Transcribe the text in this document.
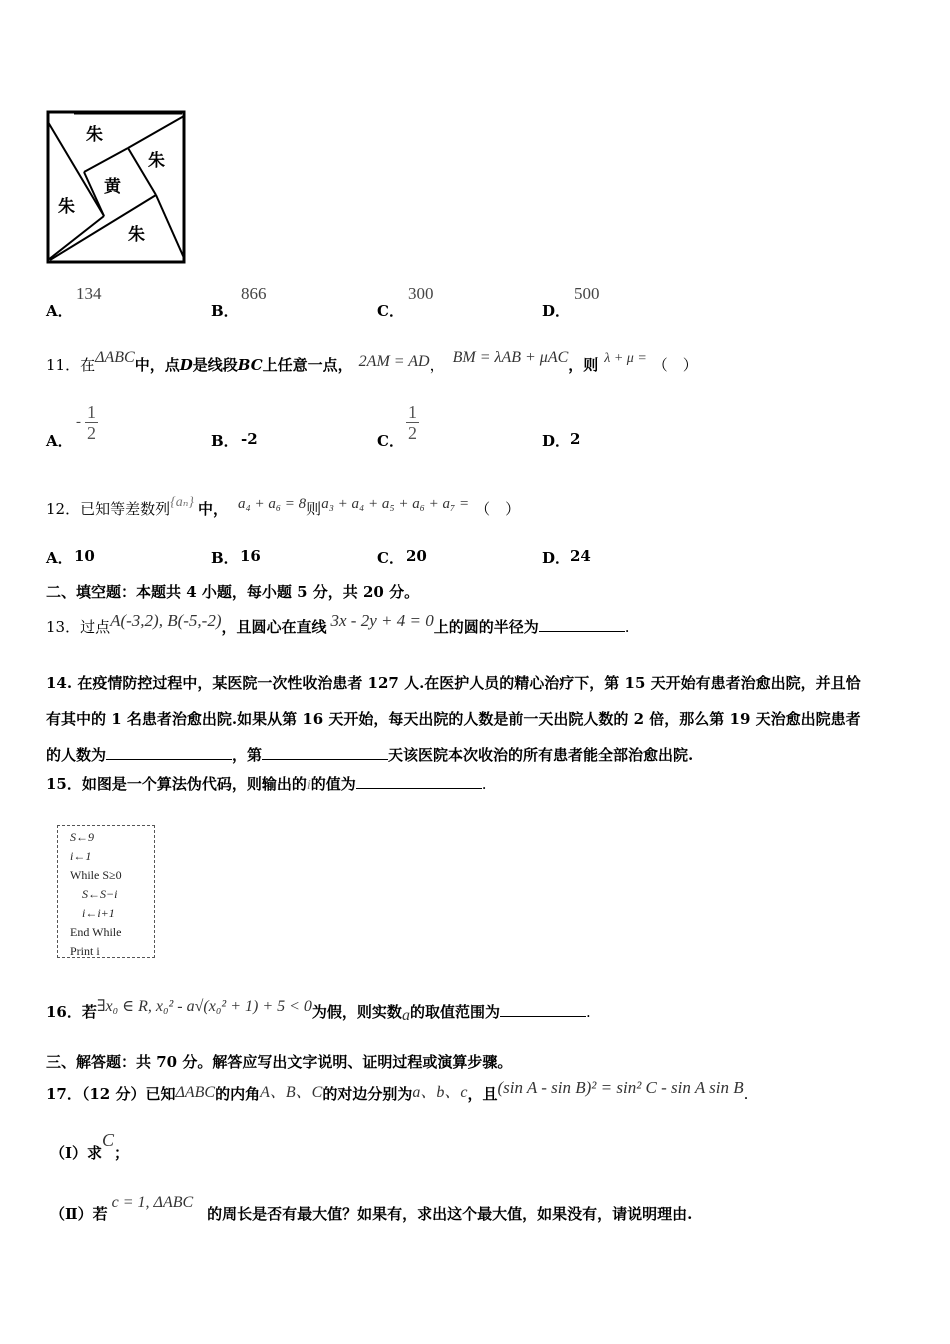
朱
朱
朱
朱
黄
A．
134
B．
866
C．
300
D．
500
11．在ΔABC中，点D是线段BC上任意一点， 2AM = AD， BM = λAB + μAC，则 λ + μ = （　）
A．
- $\frac{1}{2}$	B． -2	C． $\frac{1}{2}$	D． 2
12．已知等差数列{aₙ} 中， a₄ + a₆ = 8则a₃ + a₄ + a₅ + a₆ + a₇ = （　）
A． 10	B． 16	C． 20	D． 24
二、填空题：本题共 4 小题，每小题 5 分，共 20 分。
13．过点A(-3,2), B(-5,-2)，且圆心在直线 3x - 2y + 4 = 0上的圆的半径为	.
14. 在疫情防控过程中，某医院一次性收治患者 127 人.在医护人员的精心治疗下，第 15 天开始有患者治愈出院，并且恰
有其中的 1 名患者治愈出院.如果从第 16 天开始，每天出院的人数是前一天出院人数的 2 倍，那么第 19 天治愈出院患者
的人数为	，第	天该医院本次收治的所有患者能全部治愈出院.
15．如图是一个算法伪代码，则输出的i的值为	.
S←9
i←1
While S≥0
S←S−i
i←i+1
End While
Print i
16．若∃x₀ ∈ R, x₀² - a√(x₀² + 1) + 5 < 0为假，则实数a的取值范围为	.
三、解答题：共 70 分。解答应写出文字说明、证明过程或演算步骤。
17．（12 分）已知ΔABC的内角A、B、C的对边分别为a、b、c，且(sin A - sin B)² = sin² C - sin A sin B.
（Ⅰ）求C；
（Ⅱ）若c = 1, ΔABC的周长是否有最大值？如果有，求出这个最大值，如果没有，请说明理由.
